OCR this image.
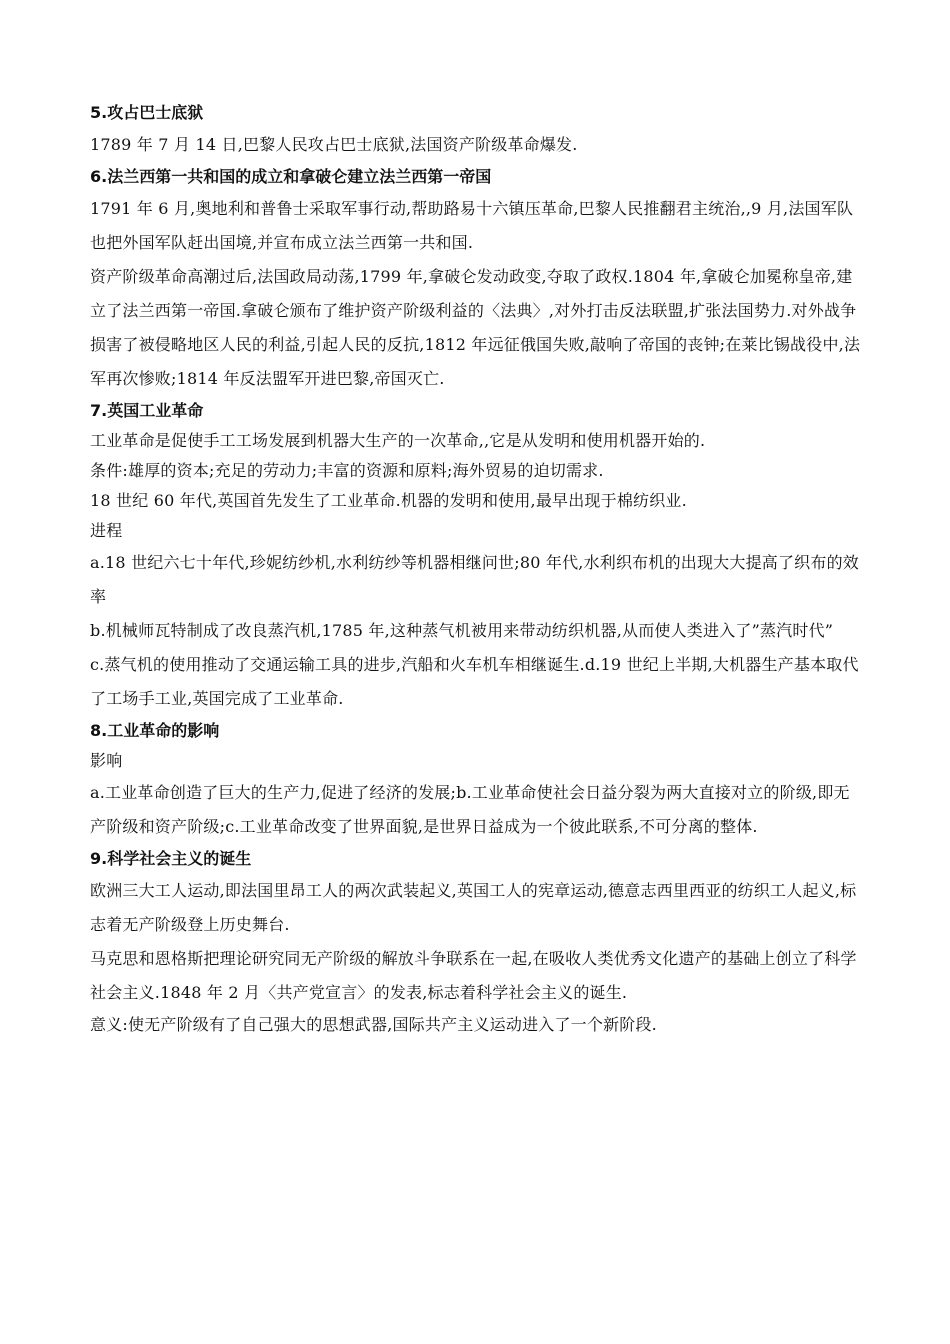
5.攻占巴士底狱

1789 年 7 月 14 日,巴黎人民攻占巴士底狱,法国资产阶级革命爆发.

6.法兰西第一共和国的成立和拿破仑建立法兰西第一帝国

1791 年 6 月,奥地利和普鲁士采取军事行动,帮助路易十六镇压革命,巴黎人民推翻君主统治,,9 月,法国军队也把外国军队赶出国境,并宣布成立法兰西第一共和国.

资产阶级革命高潮过后,法国政局动荡,1799 年,拿破仑发动政变,夺取了政权.1804 年,拿破仑加冕称皇帝,建立了法兰西第一帝国.拿破仑颁布了维护资产阶级利益的〈法典〉,对外打击反法联盟,扩张法国势力.对外战争损害了被侵略地区人民的利益,引起人民的反抗,1812 年远征俄国失败,敲响了帝国的丧钟;在莱比锡战役中,法军再次惨败;1814 年反法盟军开进巴黎,帝国灭亡.

7.英国工业革命

工业革命是促使手工工场发展到机器大生产的一次革命,,它是从发明和使用机器开始的.

条件:雄厚的资本;充足的劳动力;丰富的资源和原料;海外贸易的迫切需求.

18 世纪 60 年代,英国首先发生了工业革命.机器的发明和使用,最早出现于棉纺织业.

进程

a.18 世纪六七十年代,珍妮纺纱机,水利纺纱等机器相继问世;80 年代,水利织布机的出现大大提高了织布的效率

b.机械师瓦特制成了改良蒸汽机,1785 年,这种蒸气机被用来带动纺织机器,从而使人类进入了”蒸汽时代”

c.蒸气机的使用推动了交通运输工具的进步,汽船和火车机车相继诞生.d.19 世纪上半期,大机器生产基本取代了工场手工业,英国完成了工业革命.

8.工业革命的影响

影响

a.工业革命创造了巨大的生产力,促进了经济的发展;b.工业革命使社会日益分裂为两大直接对立的阶级,即无产阶级和资产阶级;c.工业革命改变了世界面貌,是世界日益成为一个彼此联系,不可分离的整体.

9.科学社会主义的诞生

欧洲三大工人运动,即法国里昂工人的两次武装起义,英国工人的宪章运动,德意志西里西亚的纺织工人起义,标志着无产阶级登上历史舞台.

马克思和恩格斯把理论研究同无产阶级的解放斗争联系在一起,在吸收人类优秀文化遗产的基础上创立了科学社会主义.1848 年 2 月〈共产党宣言〉的发表,标志着科学社会主义的诞生.

意义:使无产阶级有了自己强大的思想武器,国际共产主义运动进入了一个新阶段.
